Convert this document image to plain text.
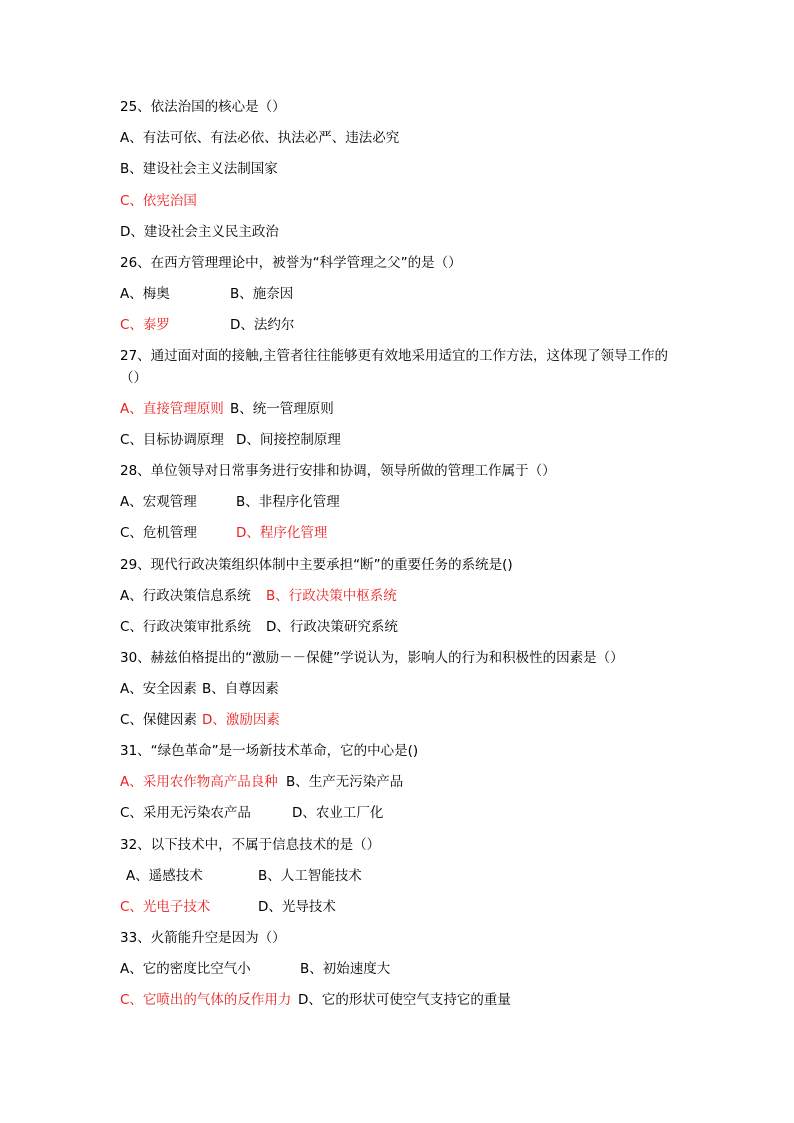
25、依法治国的核心是（）
A、有法可依、有法必依、执法必严、违法必究
B、建设社会主义法制国家
C、依宪治国
D、建设社会主义民主政治
26、在西方管理理论中，被誉为“科学管理之父”的是（）
A、梅奥	B、施奈因
C、泰罗	D、法约尔
27、通过面对面的接触,主管者往往能够更有效地采用适宜的工作方法，这体现了领导工作的（）
A、直接管理原则 B、统一管理原则
C、目标协调原理 D、间接控制原理
28、单位领导对日常事务进行安排和协调，领导所做的管理工作属于（）
A、宏观管理	B、非程序化管理
C、危机管理	D、程序化管理
29、现代行政决策组织体制中主要承担“断”的重要任务的系统是()
A、行政决策信息系统 B、行政决策中枢系统
C、行政决策审批系统 D、行政决策研究系统
30、赫兹伯格提出的“激励－－保健”学说认为，影响人的行为和积极性的因素是（）
A、安全因素 B、自尊因素
C、保健因素 D、激励因素
31、“绿色革命”是一场新技术革命，它的中心是()
A、采用农作物高产品良种 B、生产无污染产品
C、采用无污染农产品	D、农业工厂化
32、以下技术中，不属于信息技术的是（）
A、遥感技术	B、人工智能技术
C、光电子技术	D、光导技术
33、火箭能升空是因为（）
A、它的密度比空气小	B、初始速度大
C、它喷出的气体的反作用力 D、它的形状可使空气支持它的重量
